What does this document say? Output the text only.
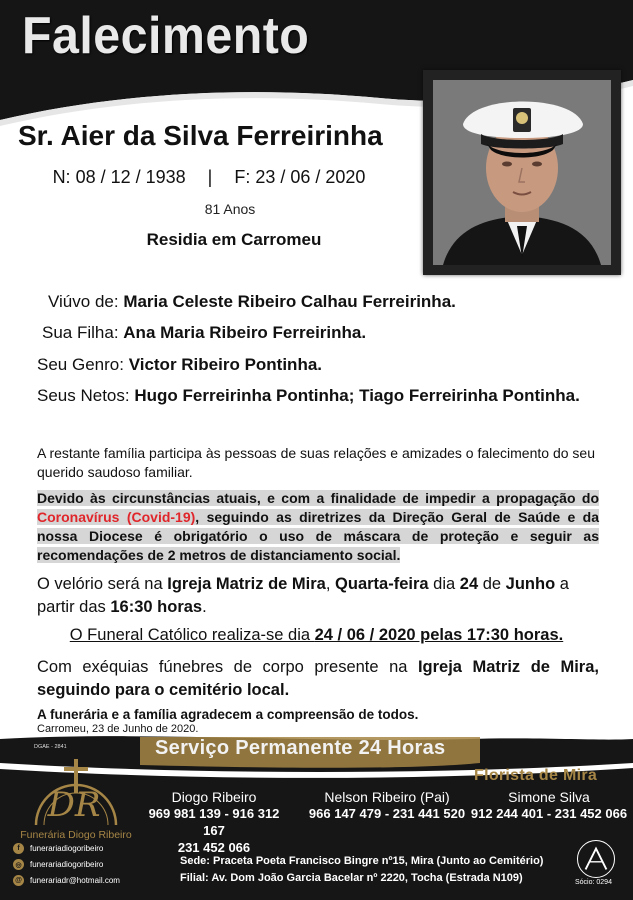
Falecimento
Sr. Aier da Silva Ferreirinha
N: 08 / 12 / 1938 | F: 23 / 06 / 2020
81 Anos
Residia em Carromeu
Viúvo de: Maria Celeste Ribeiro Calhau Ferreirinha.
Sua Filha: Ana Maria Ribeiro Ferreirinha.
Seu Genro: Victor Ribeiro Pontinha.
Seus Netos: Hugo Ferreirinha Pontinha; Tiago Ferreirinha Pontinha.
A restante família participa às pessoas de suas relações e amizades o falecimento do seu querido saudoso familiar.
Devido às circunstâncias atuais, e com a finalidade de impedir a propagação do Coronavírus (Covid-19), seguindo as diretrizes da Direção Geral de Saúde e da nossa Diocese é obrigatório o uso de máscara de proteção e seguir as recomendações de 2 metros de distanciamento social.
O velório será na Igreja Matriz de Mira, Quarta-feira dia 24 de Junho a partir das 16:30 horas.
O Funeral Católico realiza-se dia 24 / 06 / 2020 pelas 17:30 horas.
Com exéquias fúnebres de corpo presente na Igreja Matriz de Mira, seguindo para o cemitério local.
A funerária e a família agradecem a compreensão de todos.
Carromeu, 23 de Junho de 2020.
DGAE - 2841	Serviço Permanente 24 Horas
DR
Funerária Diogo Ribeiro
f	funerariadiogoribeiro
◎	funerariadiogoribeiro
@ funerariadr@hotmail.com
Diogo Ribeiro
969 981 139 - 916 312 167
231 452 066
Nelson Ribeiro (Pai)
966 147 479 - 231 441 520
Florista de Mira
Simone Silva
912 244 401 - 231 452 066
Sede: Praceta Poeta Francisco Bingre nº15, Mira (Junto ao Cemitério)
Filial: Av. Dom João Garcia Bacelar nº 2220, Tocha (Estrada N109)	Sócio: 0294
